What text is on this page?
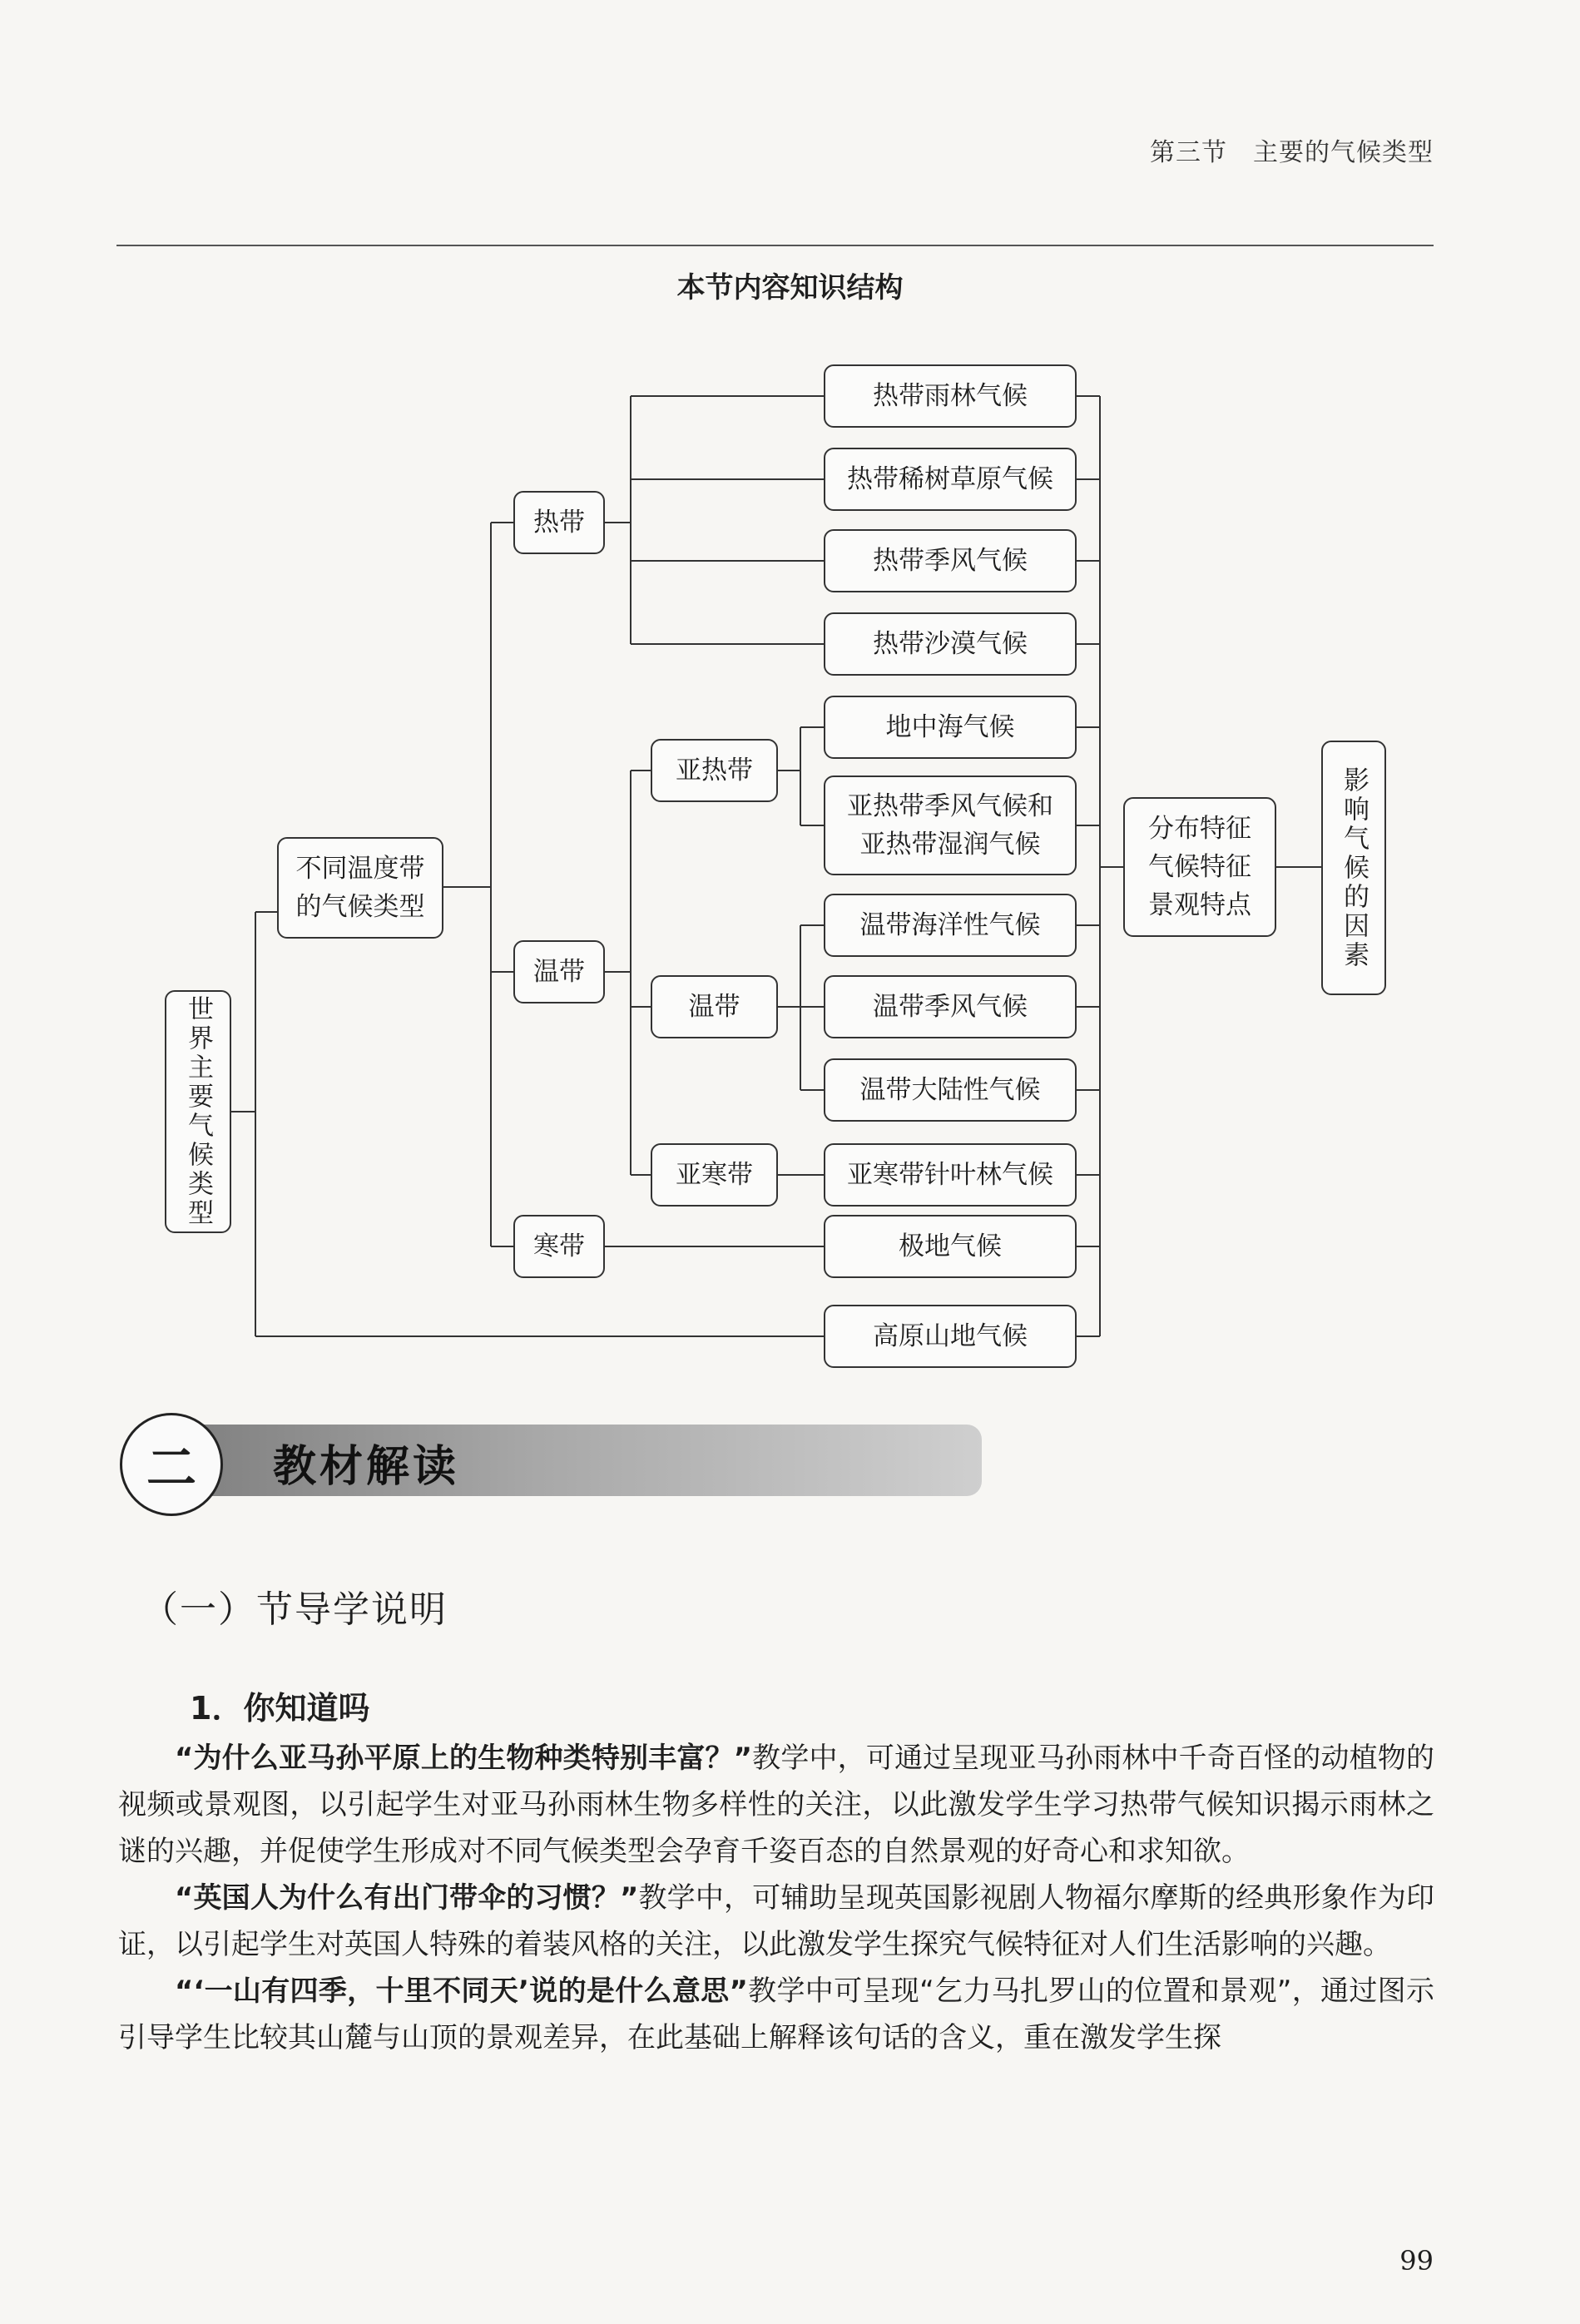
第三节　主要的气候类型
本节内容知识结构
世界主要气候类型
不同温度带
的气候类型
热带
温带
寒带
亚热带
温带
亚寒带
热带雨林气候
热带稀树草原气候
热带季风气候
热带沙漠气候
地中海气候
亚热带季风气候和
亚热带湿润气候
温带海洋性气候
温带季风气候
温带大陆性气候
亚寒带针叶林气候
极地气候
高原山地气候
分布特征
气候特征
景观特点	影响气候的因素
二	教材解读
（一）节导学说明
1．你知道吗

“为什么亚马孙平原上的生物种类特别丰富？”教学中，可通过呈现亚马孙雨林中千奇百怪的动植物的视频或景观图，以引起学生对亚马孙雨林生物多样性的关注，以此激发学生学习热带气候知识揭示雨林之谜的兴趣，并促使学生形成对不同气候类型会孕育千姿百态的自然景观的好奇心和求知欲。

“英国人为什么有出门带伞的习惯？”教学中，可辅助呈现英国影视剧人物福尔摩斯的经典形象作为印证，以引起学生对英国人特殊的着装风格的关注，以此激发学生探究气候特征对人们生活影响的兴趣。

“‘一山有四季，十里不同天’说的是什么意思”教学中可呈现“乞力马扎罗山的位置和景观”，通过图示引导学生比较其山麓与山顶的景观差异，在此基础上解释该句话的含义，重在激发学生探

99
